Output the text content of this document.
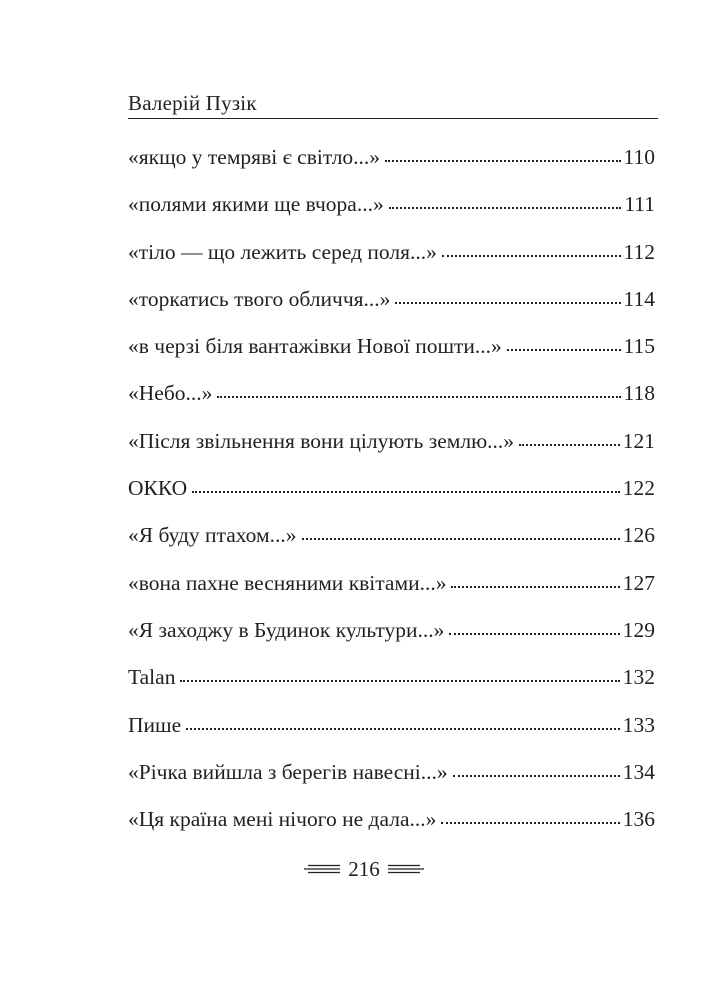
Валерій Пузік
«якщо у темряві є світло...»	110
«полями якими ще вчора...»	111
«тіло — що лежить серед поля...»	112
«торкатись твого обличчя...»	114
«в черзі біля вантажівки Нової пошти...»	115
«Небо...»	118
«Після звільнення вони цілують землю...»	121
ОККО	122
«Я буду птахом...»	126
«вона пахне весняними квітами...»	127
«Я заходжу в Будинок культури...»	129
Talan	132
Пише	133
«Річка вийшла з берегів навесні...»	134
«Ця країна мені нічого не дала...»	136
216
